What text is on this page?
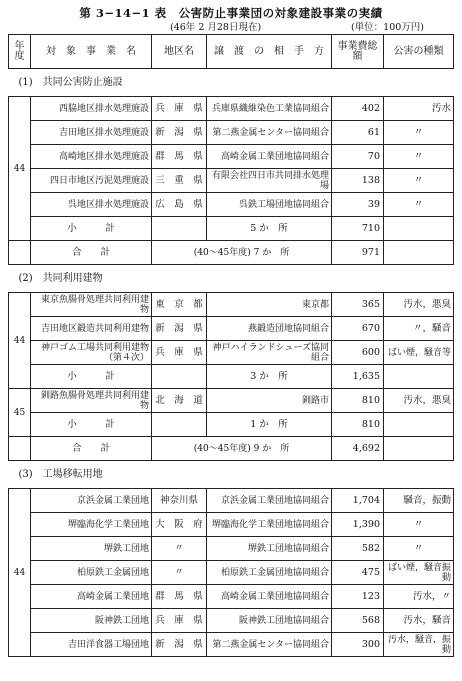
第 3−14−1 表　公害防止事業団の対象建設事業の実績
(46年 2 月28日現在)	(単位：100万円)
年度	対　象　事　業　名	地区名	譲　渡　の　相　手　方	事業費総　額	公害の種類
(1)　共同公害防止施設					
44	西脇地区排水処理施設	兵　庫　県	兵庫県織維染色工業協同組合	402	汚水
	吉田地区排水処理施設	新　潟　県	第二燕金属センター協同組合	61	〃
	高崎地区排水処理施設	群　馬　県	高崎金属工業団地協同組合	70	〃
	四日市地区汚泥処理施設	三　重　県	有限会社四日市共同排水処理場	138	〃
	呉地区排水処理施設	広　島　県	呉鉄工場団地協同組合	39	〃
	小　　　計		5 か　所	710	
	合　　計	(40〜45年度) 7 か　所		971	
(2)　共同利用建物					
44	東京魚腸骨処理共同利用建物	東　京　都	東京都	365	汚水，悪臭
	吉田地区鍛造共同利用建物	新　潟　県	燕鍛造団地協同組合	670	〃，騒音
	神戸ゴム工場共同利用建物（第４次）	兵　庫　県	神戸ハイランドシューズ協同組合	600	ばい煙，騒音等
	小　　　計		3 か　所	1,635	
45	釧路魚腸骨処理共同利用建物	北　海　道	釧路市	810	汚水，悪臭
	小　　　計		1 か　所	810	
	合　　計	(40〜45年度) 9 か　所		4,692	
(3)　工場移転用地					
44	京浜金属工業団地	神奈川県	京浜金属工業団地協同組合	1,704	騒音，振動
	堺臨海化学工業団地	大　阪　府	堺臨海化学工業団地協同組合	1,390	〃
	堺鉄工団地	〃	堺鉄工団地協同組合	582	〃
	柏原鉄工金属団地	〃	柏原鉄工金属団地協同組合	475	ばい煙，騒音振動
	高崎金属工業団地	群　馬　県	高崎金属工業団地協同組合	123	汚水，〃
	阪神鉄工団地	兵　庫　県	阪神鉄工団地協同組合	568	汚水，騒音
	吉田洋食器工場団地	新　潟　県	第二燕金属センター協同組合	300	汚水，騒音，振動
